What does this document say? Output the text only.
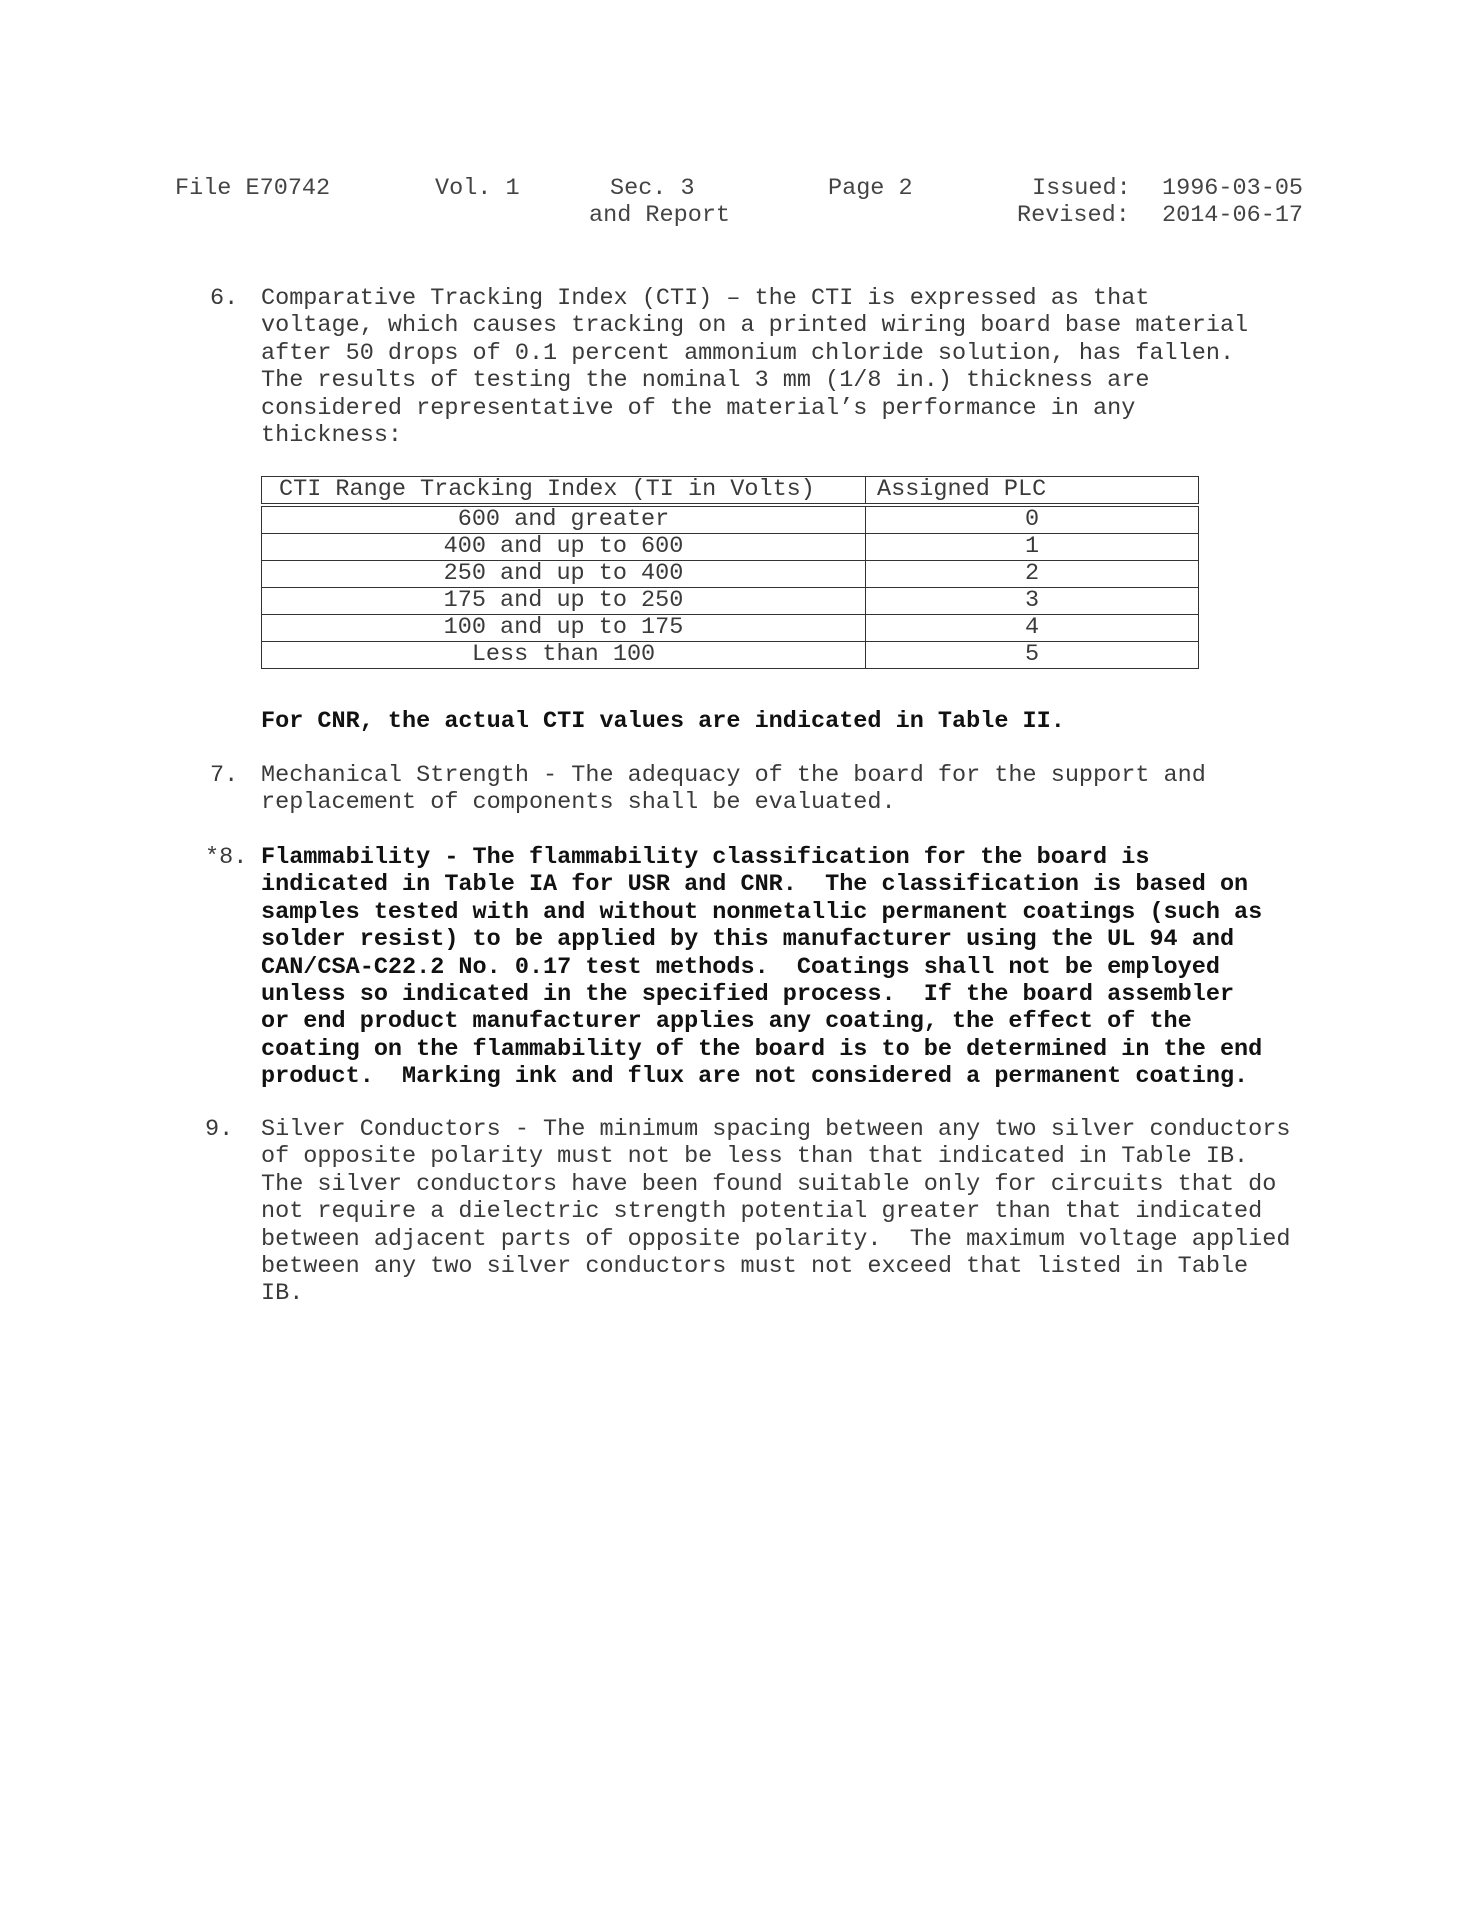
File E70742	Vol. 1	Sec. 3
and Report
Page 2	Issued: 1996-03-05
Revised: 2014-06-17
6. Comparative Tracking Index (CTI) – the CTI is expressed as that

voltage, which causes tracking on a printed wiring board base material

after 50 drops of 0.1 percent ammonium chloride solution, has fallen.

The results of testing the nominal 3 mm (1/8 in.) thickness are

considered representative of the material’s performance in any

thickness:

CTI Range Tracking Index (TI in Volts)	Assigned PLC
600 and greater	0
400 and up to 600	1
250 and up to 400	2
175 and up to 250	3
100 and up to 175	4
Less than 100	5

For CNR, the actual CTI values are indicated in Table II.

7. Mechanical Strength - The adequacy of the board for the support and

replacement of components shall be evaluated.

*8. Flammability - The flammability classification for the board is

indicated in Table IA for USR and CNR.  The classification is based on

samples tested with and without nonmetallic permanent coatings (such as

solder resist) to be applied by this manufacturer using the UL 94 and

CAN/CSA-C22.2 No. 0.17 test methods.  Coatings shall not be employed

unless so indicated in the specified process.  If the board assembler

or end product manufacturer applies any coating, the effect of the

coating on the flammability of the board is to be determined in the end

product.  Marking ink and flux are not considered a permanent coating.

9. Silver Conductors - The minimum spacing between any two silver conductors

of opposite polarity must not be less than that indicated in Table IB.

The silver conductors have been found suitable only for circuits that do

not require a dielectric strength potential greater than that indicated

between adjacent parts of opposite polarity.  The maximum voltage applied

between any two silver conductors must not exceed that listed in Table

IB.
